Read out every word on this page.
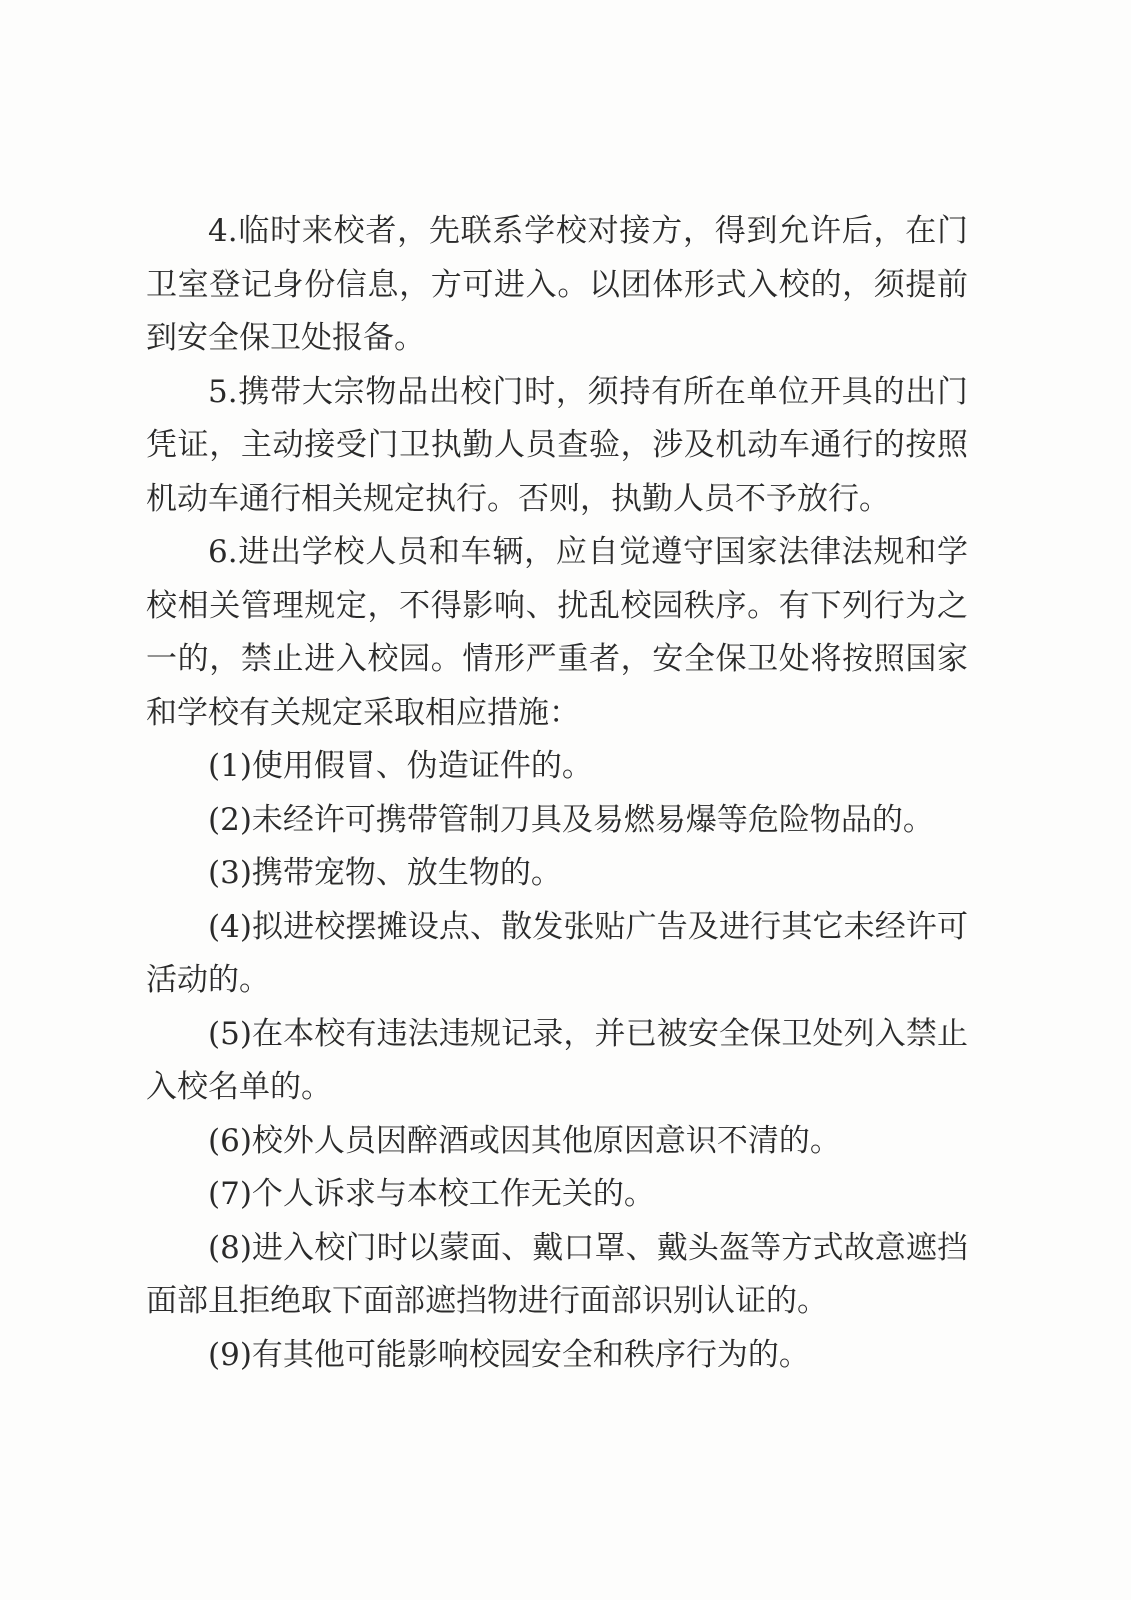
4.临时来校者，先联系学校对接方，得到允许后，在门卫室登记身份信息，方可进入。以团体形式入校的，须提前到安全保卫处报备。

5.携带大宗物品出校门时，须持有所在单位开具的出门凭证，主动接受门卫执勤人员查验，涉及机动车通行的按照机动车通行相关规定执行。否则，执勤人员不予放行。

6.进出学校人员和车辆，应自觉遵守国家法律法规和学校相关管理规定，不得影响、扰乱校园秩序。有下列行为之一的，禁止进入校园。情形严重者，安全保卫处将按照国家和学校有关规定采取相应措施：

(1)使用假冒、伪造证件的。

(2)未经许可携带管制刀具及易燃易爆等危险物品的。

(3)携带宠物、放生物的。

(4)拟进校摆摊设点、散发张贴广告及进行其它未经许可活动的。

(5)在本校有违法违规记录，并已被安全保卫处列入禁止入校名单的。

(6)校外人员因醉酒或因其他原因意识不清的。

(7)个人诉求与本校工作无关的。

(8)进入校门时以蒙面、戴口罩、戴头盔等方式故意遮挡面部且拒绝取下面部遮挡物进行面部识别认证的。

(9)有其他可能影响校园安全和秩序行为的。
